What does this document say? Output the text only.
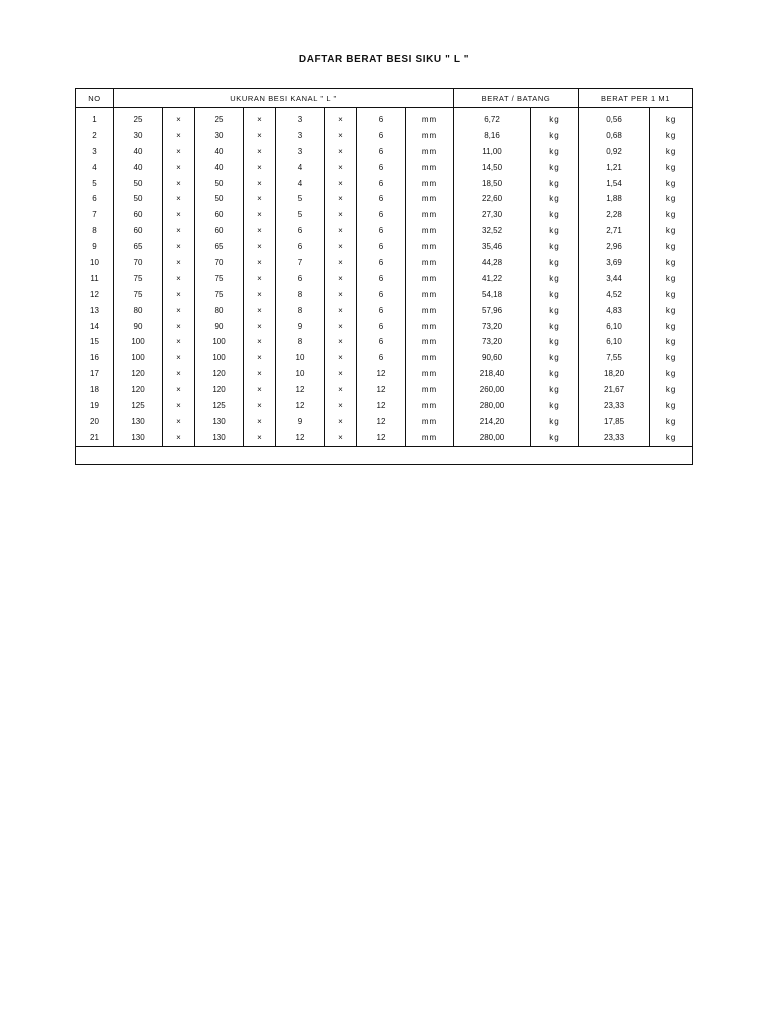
DAFTAR BERAT BESI SIKU " L "
NO	UKURAN BESI KANAL " L "								BERAT / BATANG		BERAT PER 1 M1	
1	25	×	25	×	3	×	6	mm	6,72	kg	0,56	kg
2	30	×	30	×	3	×	6	mm	8,16	kg	0,68	kg
3	40	×	40	×	3	×	6	mm	11,00	kg	0,92	kg
4	40	×	40	×	4	×	6	mm	14,50	kg	1,21	kg
5	50	×	50	×	4	×	6	mm	18,50	kg	1,54	kg
6	50	×	50	×	5	×	6	mm	22,60	kg	1,88	kg
7	60	×	60	×	5	×	6	mm	27,30	kg	2,28	kg
8	60	×	60	×	6	×	6	mm	32,52	kg	2,71	kg
9	65	×	65	×	6	×	6	mm	35,46	kg	2,96	kg
10	70	×	70	×	7	×	6	mm	44,28	kg	3,69	kg
11	75	×	75	×	6	×	6	mm	41,22	kg	3,44	kg
12	75	×	75	×	8	×	6	mm	54,18	kg	4,52	kg
13	80	×	80	×	8	×	6	mm	57,96	kg	4,83	kg
14	90	×	90	×	9	×	6	mm	73,20	kg	6,10	kg
15	100	×	100	×	8	×	6	mm	73,20	kg	6,10	kg
16	100	×	100	×	10	×	6	mm	90,60	kg	7,55	kg
17	120	×	120	×	10	×	12	mm	218,40	kg	18,20	kg
18	120	×	120	×	12	×	12	mm	260,00	kg	21,67	kg
19	125	×	125	×	12	×	12	mm	280,00	kg	23,33	kg
20	130	×	130	×	9	×	12	mm	214,20	kg	17,85	kg
21	130	×	130	×	12	×	12	mm	280,00	kg	23,33	kg
